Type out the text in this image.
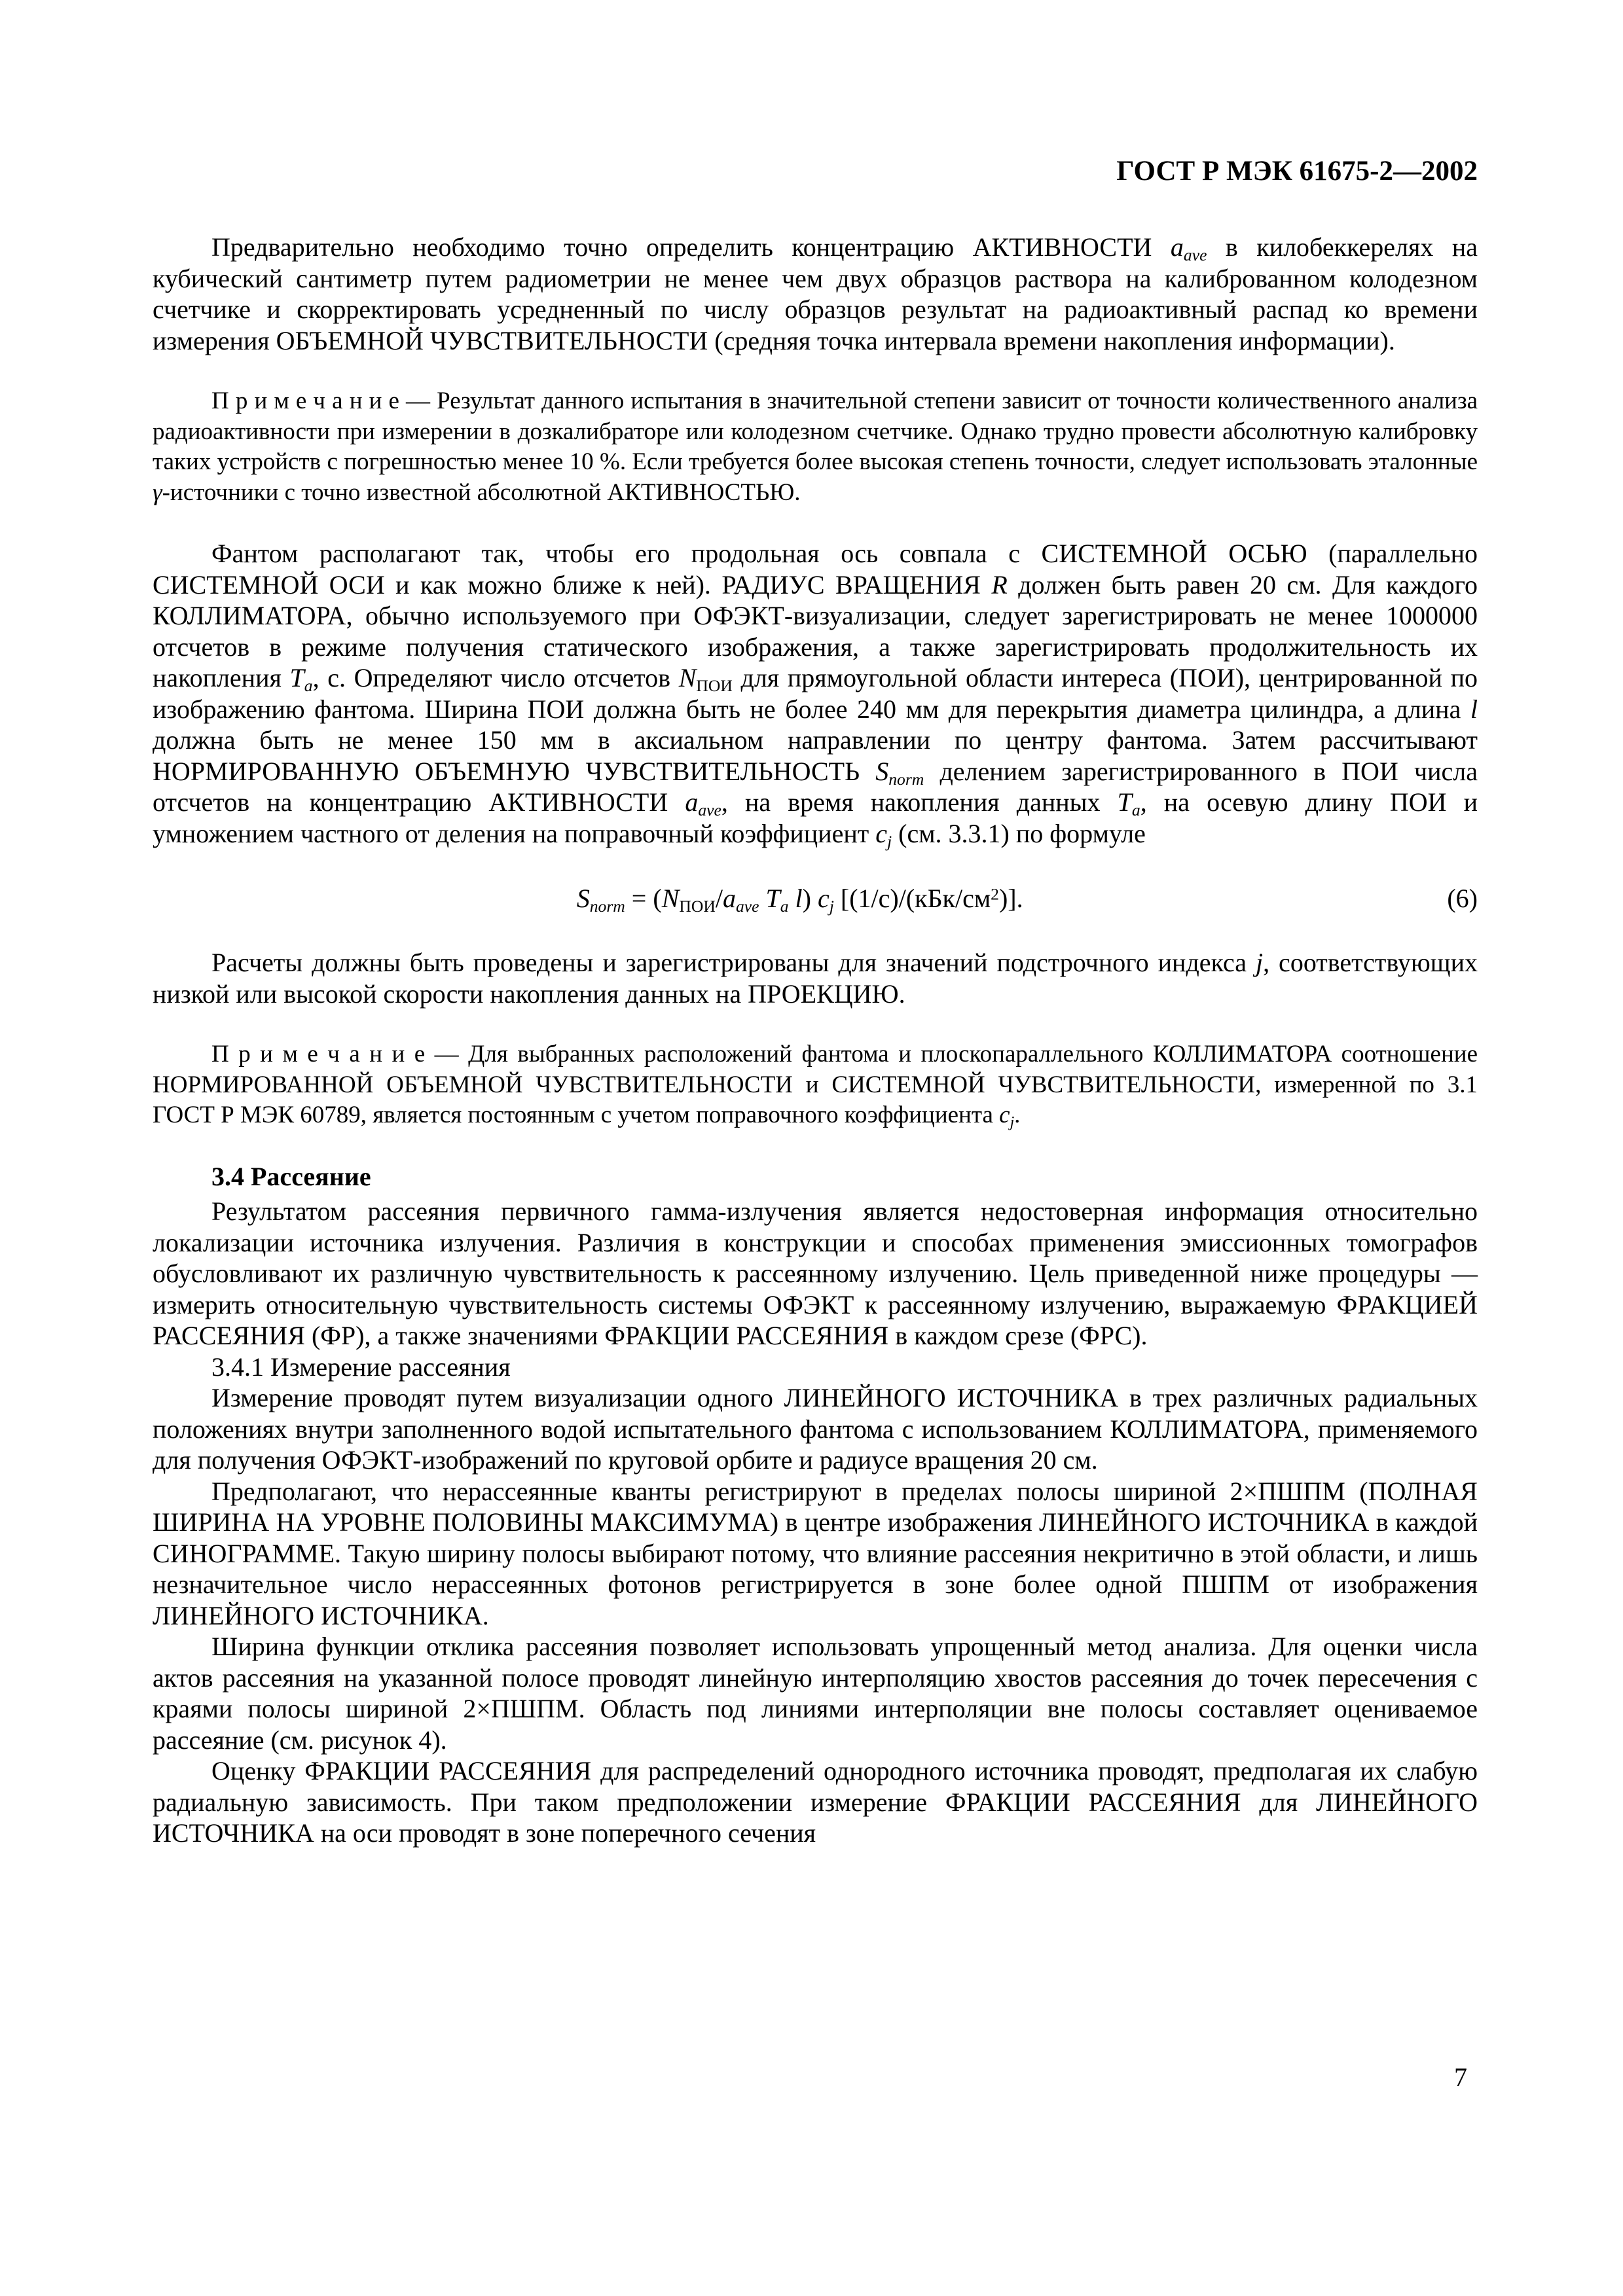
ГОСТ Р МЭК 61675-2—2002

Предварительно необходимо точно определить концентрацию АКТИВНОСТИ $a_{ave}$ в килобеккерелях на кубический сантиметр путем радиометрии не менее чем двух образцов раствора на калиброванном колодезном счетчике и скорректировать усредненный по числу образцов результат на радиоактивный распад ко времени измерения ОБЪЕМНОЙ ЧУВСТВИТЕЛЬНОСТИ (средняя точка интервала времени накопления информации).

П р и м е ч а н и е — Результат данного испытания в значительной степени зависит от точности количественного анализа радиоактивности при измерении в дозкалибраторе или колодезном счетчике. Однако трудно провести абсолютную калибровку таких устройств с погрешностью менее 10 %. Если требуется более высокая степень точности, следует использовать эталонные γ-источники с точно известной абсолютной АКТИВНОСТЬЮ.

Фантом располагают так, чтобы его продольная ось совпала с СИСТЕМНОЙ ОСЬЮ (параллельно СИСТЕМНОЙ ОСИ и как можно ближе к ней). РАДИУС ВРАЩЕНИЯ R должен быть равен 20 см. Для каждого КОЛЛИМАТОРА, обычно используемого при ОФЭКТ-визуализации, следует зарегистрировать не менее 1000000 отсчетов в режиме получения статического изображения, а также зарегистрировать продолжительность их накопления $T_a$, с. Определяют число отсчетов $N_{ПОИ}$ для прямоугольной области интереса (ПОИ), центрированной по изображению фантома. Ширина ПОИ должна быть не более 240 мм для перекрытия диаметра цилиндра, а длина l должна быть не менее 150 мм в аксиальном направлении по центру фантома. Затем рассчитывают НОРМИРОВАННУЮ ОБЪЕМНУЮ ЧУВСТВИТЕЛЬНОСТЬ $S_{norm}$ делением зарегистрированного в ПОИ числа отсчетов на концентрацию АКТИВНОСТИ $a_{ave}$, на время накопления данных $T_a$, на осевую длину ПОИ и умножением частного от деления на поправочный коэффициент $c_j$ (см. 3.3.1) по формуле

$S_{norm} = (N_{ПОИ}/a_{ave}$ $T_a$ l) $c_j$ $[(1/с)/(кБк/см^2)]$.	(6)

Расчеты должны быть проведены и зарегистрированы для значений подстрочного индекса j, соответствующих низкой или высокой скорости накопления данных на ПРОЕКЦИЮ.

П р и м е ч а н и е — Для выбранных расположений фантома и плоскопараллельного КОЛЛИМАТОРА соотношение НОРМИРОВАННОЙ ОБЪЕМНОЙ ЧУВСТВИТЕЛЬНОСТИ и СИСТЕМНОЙ ЧУВСТВИТЕЛЬНОСТИ, измеренной по 3.1 ГОСТ Р МЭК 60789, является постоянным с учетом поправочного коэффициента $c_j$.

3.4 Рассеяние

Результатом рассеяния первичного гамма-излучения является недостоверная информация относительно локализации источника излучения. Различия в конструкции и способах применения эмиссионных томографов обусловливают их различную чувствительность к рассеянному излучению. Цель приведенной ниже процедуры — измерить относительную чувствительность системы ОФЭКТ к рассеянному излучению, выражаемую ФРАКЦИЕЙ РАССЕЯНИЯ (ФР), а также значениями ФРАКЦИИ РАССЕЯНИЯ в каждом срезе (ФРС).

3.4.1 Измерение рассеяния

Измерение проводят путем визуализации одного ЛИНЕЙНОГО ИСТОЧНИКА в трех различных радиальных положениях внутри заполненного водой испытательного фантома с использованием КОЛЛИМАТОРА, применяемого для получения ОФЭКТ-изображений по круговой орбите и радиусе вращения 20 см.

Предполагают, что нерассеянные кванты регистрируют в пределах полосы шириной 2×ПШПМ (ПОЛНАЯ ШИРИНА НА УРОВНЕ ПОЛОВИНЫ МАКСИМУМА) в центре изображения ЛИНЕЙНОГО ИСТОЧНИКА в каждой СИНОГРАММЕ. Такую ширину полосы выбирают потому, что влияние рассеяния некритично в этой области, и лишь незначительное число нерассеянных фотонов регистрируется в зоне более одной ПШПМ от изображения ЛИНЕЙНОГО ИСТОЧНИКА.

Ширина функции отклика рассеяния позволяет использовать упрощенный метод анализа. Для оценки числа актов рассеяния на указанной полосе проводят линейную интерполяцию хвостов рассеяния до точек пересечения с краями полосы шириной 2×ПШПМ. Область под линиями интерполяции вне полосы составляет оцениваемое рассеяние (см. рисунок 4).

Оценку ФРАКЦИИ РАССЕЯНИЯ для распределений однородного источника проводят, предполагая их слабую радиальную зависимость. При таком предположении измерение ФРАКЦИИ РАССЕЯНИЯ для ЛИНЕЙНОГО ИСТОЧНИКА на оси проводят в зоне поперечного сечения

7
